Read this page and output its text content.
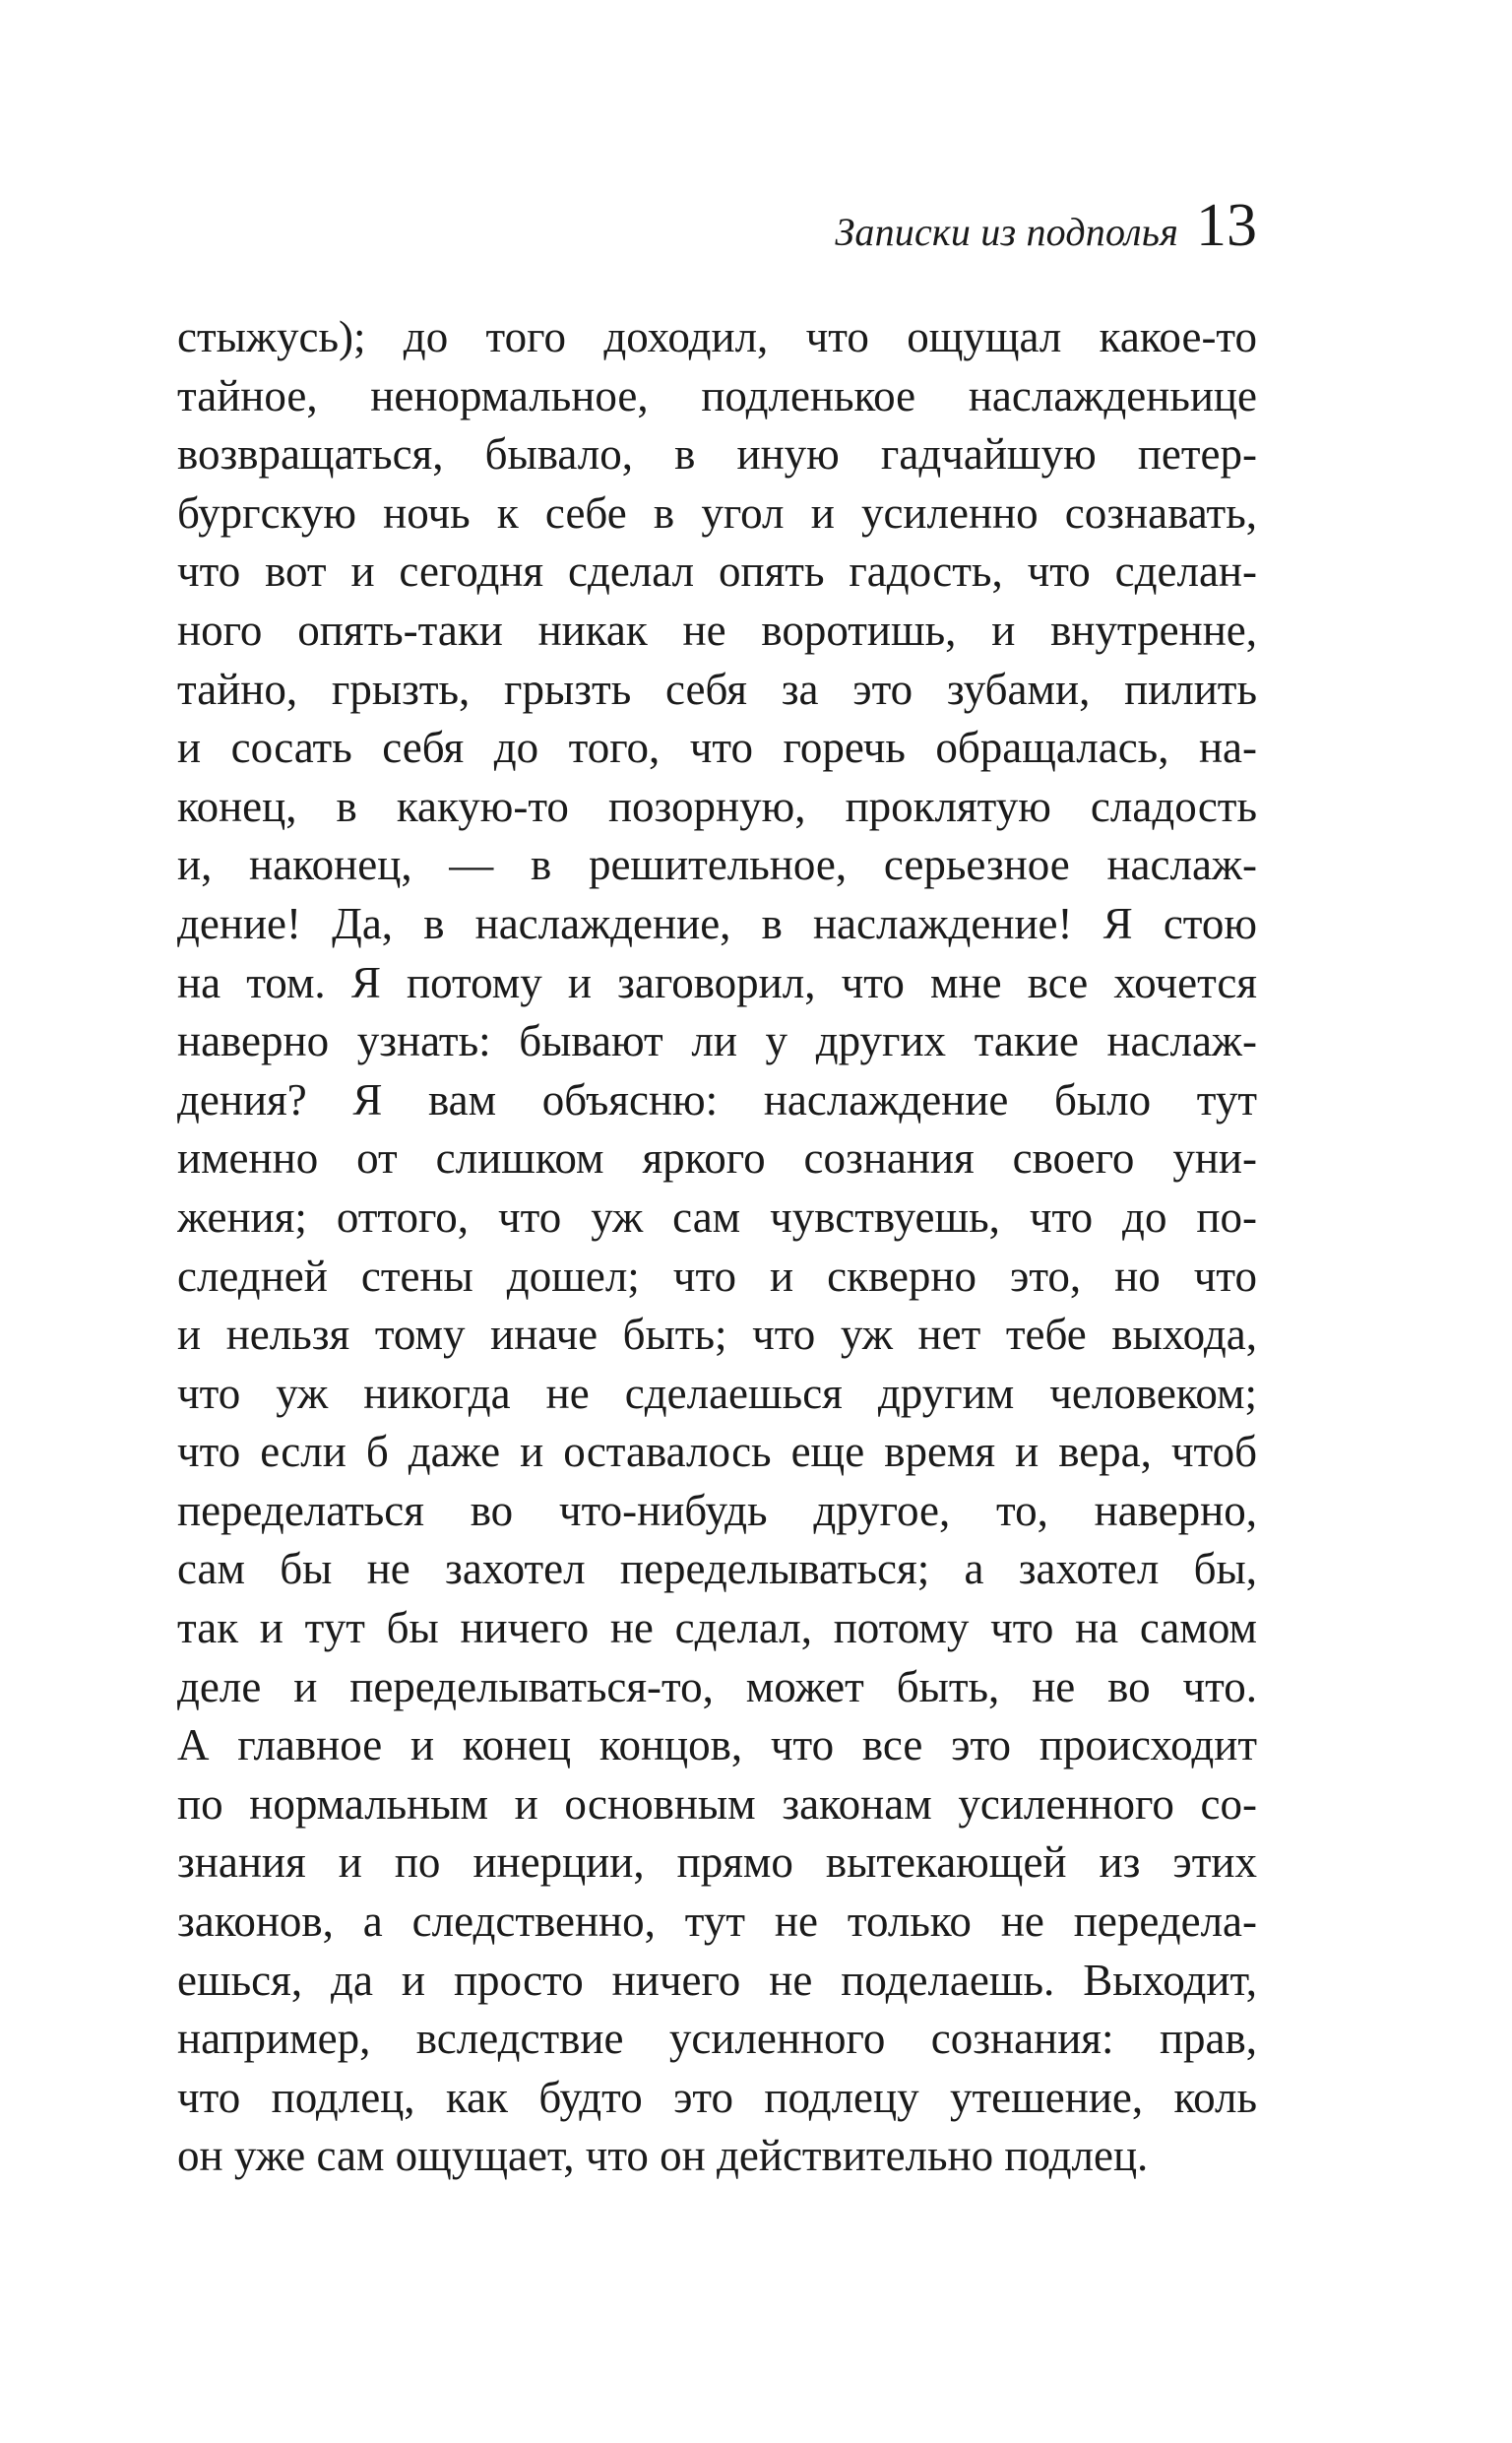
Записки из подполья 13
стыжусь); до того доходил, что ощущал какое-то
тайное, ненормальное, подленькое наслажденьице
возвращаться, бывало, в иную гадчайшую петер-
бургскую ночь к себе в угол и усиленно сознавать,
что вот и сегодня сделал опять гадость, что сделан-
ного опять-таки никак не воротишь, и внутренне,
тайно, грызть, грызть себя за это зубами, пилить
и сосать себя до того, что горечь обращалась, на-
конец, в какую-то позорную, проклятую сладость
и, наконец, — в решительное, серьезное наслаж-
дение! Да, в наслаждение, в наслаждение! Я стою
на том. Я потому и заговорил, что мне все хочется
наверно узнать: бывают ли у других такие наслаж-
дения? Я вам объясню: наслаждение было тут
именно от слишком яркого сознания своего уни-
жения; оттого, что уж сам чувствуешь, что до по-
следней стены дошел; что и скверно это, но что
и нельзя тому иначе быть; что уж нет тебе выхода,
что уж никогда не сделаешься другим человеком;
что если б даже и оставалось еще время и вера, чтоб
переделаться во что-нибудь другое, то, наверно,
сам бы не захотел переделываться; а захотел бы,
так и тут бы ничего не сделал, потому что на самом
деле и переделываться-то, может быть, не во что.
А главное и конец концов, что все это происходит
по нормальным и основным законам усиленного со-
знания и по инерции, прямо вытекающей из этих
законов, а следственно, тут не только не передела-
ешься, да и просто ничего не поделаешь. Выходит,
например, вследствие усиленного сознания: прав,
что подлец, как будто это подлецу утешение, коль
он уже сам ощущает, что он действительно подлец.
